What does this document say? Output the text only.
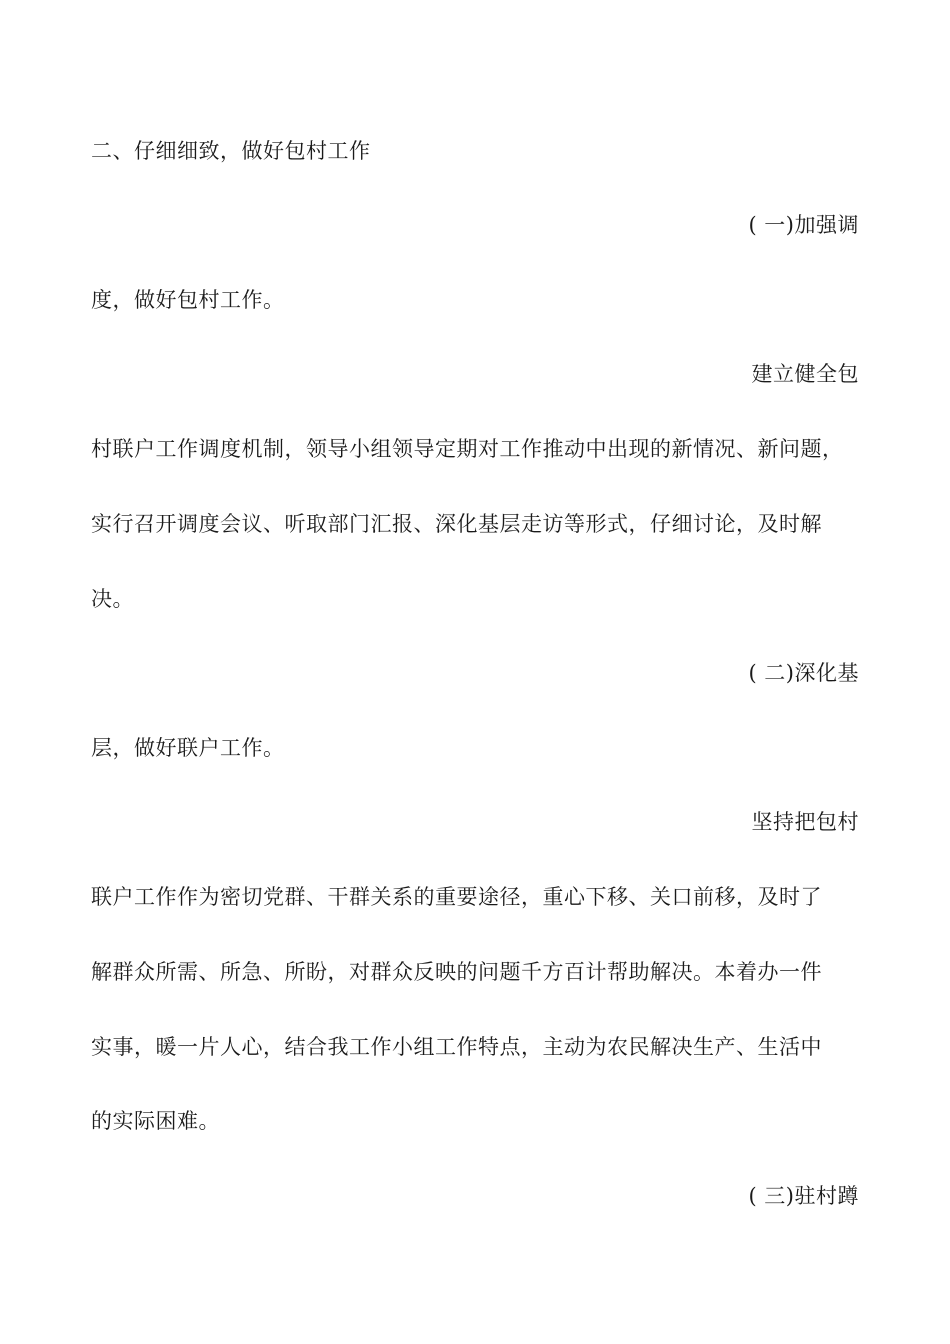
二、仔细细致，做好包村工作
( 一)加强调
度，做好包村工作。
建立健全包
村联户工作调度机制，领导小组领导定期对工作推动中出现的新情况、新问题，
实行召开调度会议、听取部门汇报、深化基层走访等形式，仔细讨论，及时解
决。
( 二)深化基
层，做好联户工作。
坚持把包村
联户工作作为密切党群、干群关系的重要途径，重心下移、关口前移，及时了
解群众所需、所急、所盼，对群众反映的问题千方百计帮助解决。本着办一件
实事，暖一片人心，结合我工作小组工作特点，主动为农民解决生产、生活中
的实际困难。
( 三)驻村蹲
